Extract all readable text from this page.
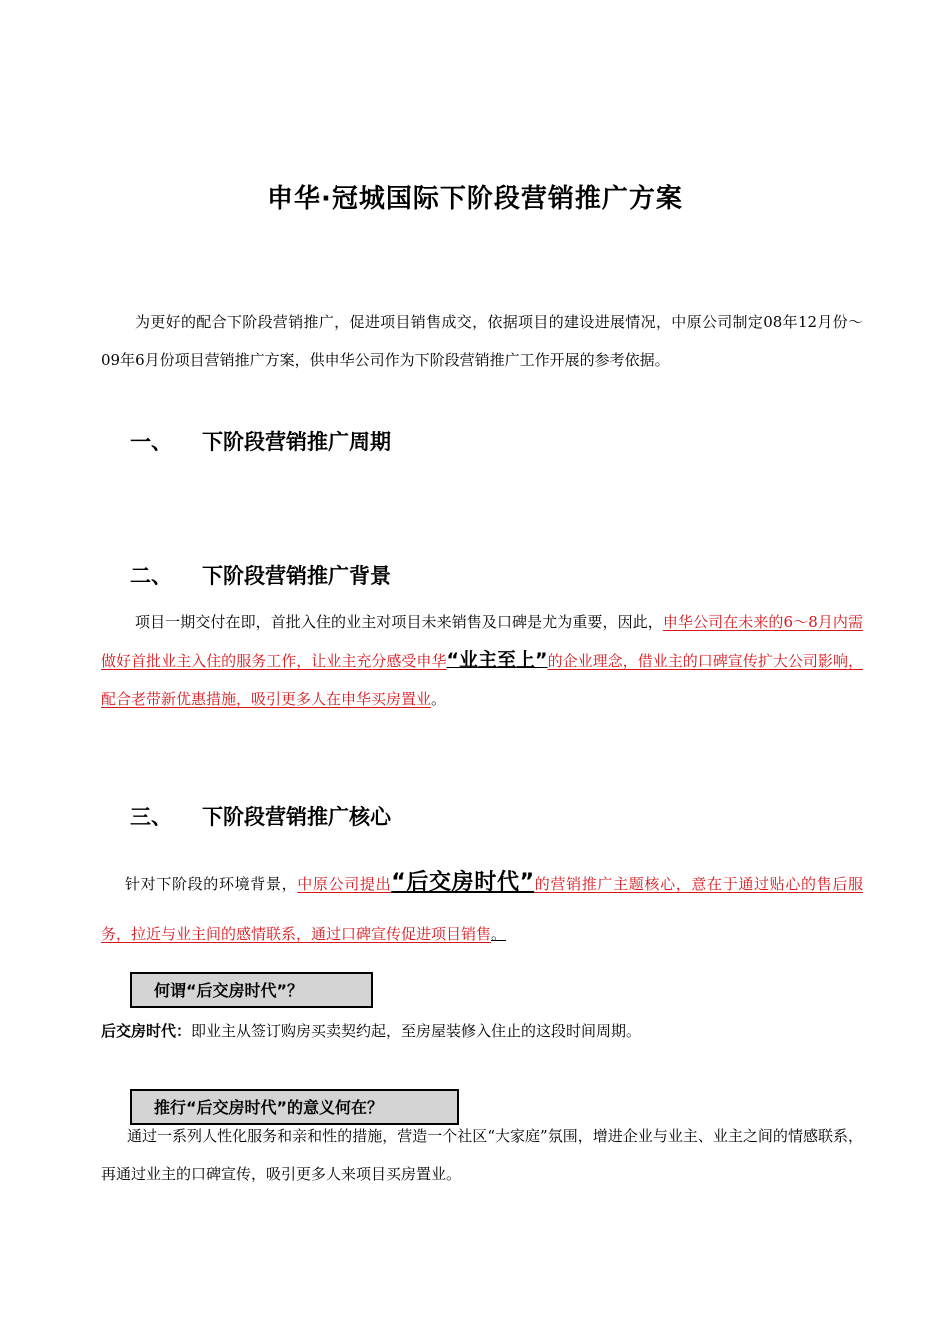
申华·冠城国际下阶段营销推广方案
为更好的配合下阶段营销推广，促进项目销售成交，依据项目的建设进展情况，中原公司制定08年12月份～09年6月份项目营销推广方案，供申华公司作为下阶段营销推广工作开展的参考依据。
一、 下阶段营销推广周期
二、 下阶段营销推广背景
项目一期交付在即，首批入住的业主对项目未来销售及口碑是尤为重要，因此，申华公司在未来的6～8月内需做好首批业主入住的服务工作，让业主充分感受申华“业主至上”的企业理念，借业主的口碑宣传扩大公司影响，配合老带新优惠措施，吸引更多人在申华买房置业。
三、 下阶段营销推广核心
针对下阶段的环境背景，中原公司提出“后交房时代”的营销推广主题核心，意在于通过贴心的售后服务，拉近与业主间的感情联系，通过口碑宣传促进项目销售。
何谓“后交房时代”？
后交房时代：即业主从签订购房买卖契约起，至房屋装修入住止的这段时间周期。
推行“后交房时代”的意义何在？
通过一系列人性化服务和亲和性的措施，营造一个社区“大家庭”氛围，增进企业与业主、业主之间的情感联系，再通过业主的口碑宣传，吸引更多人来项目买房置业。
